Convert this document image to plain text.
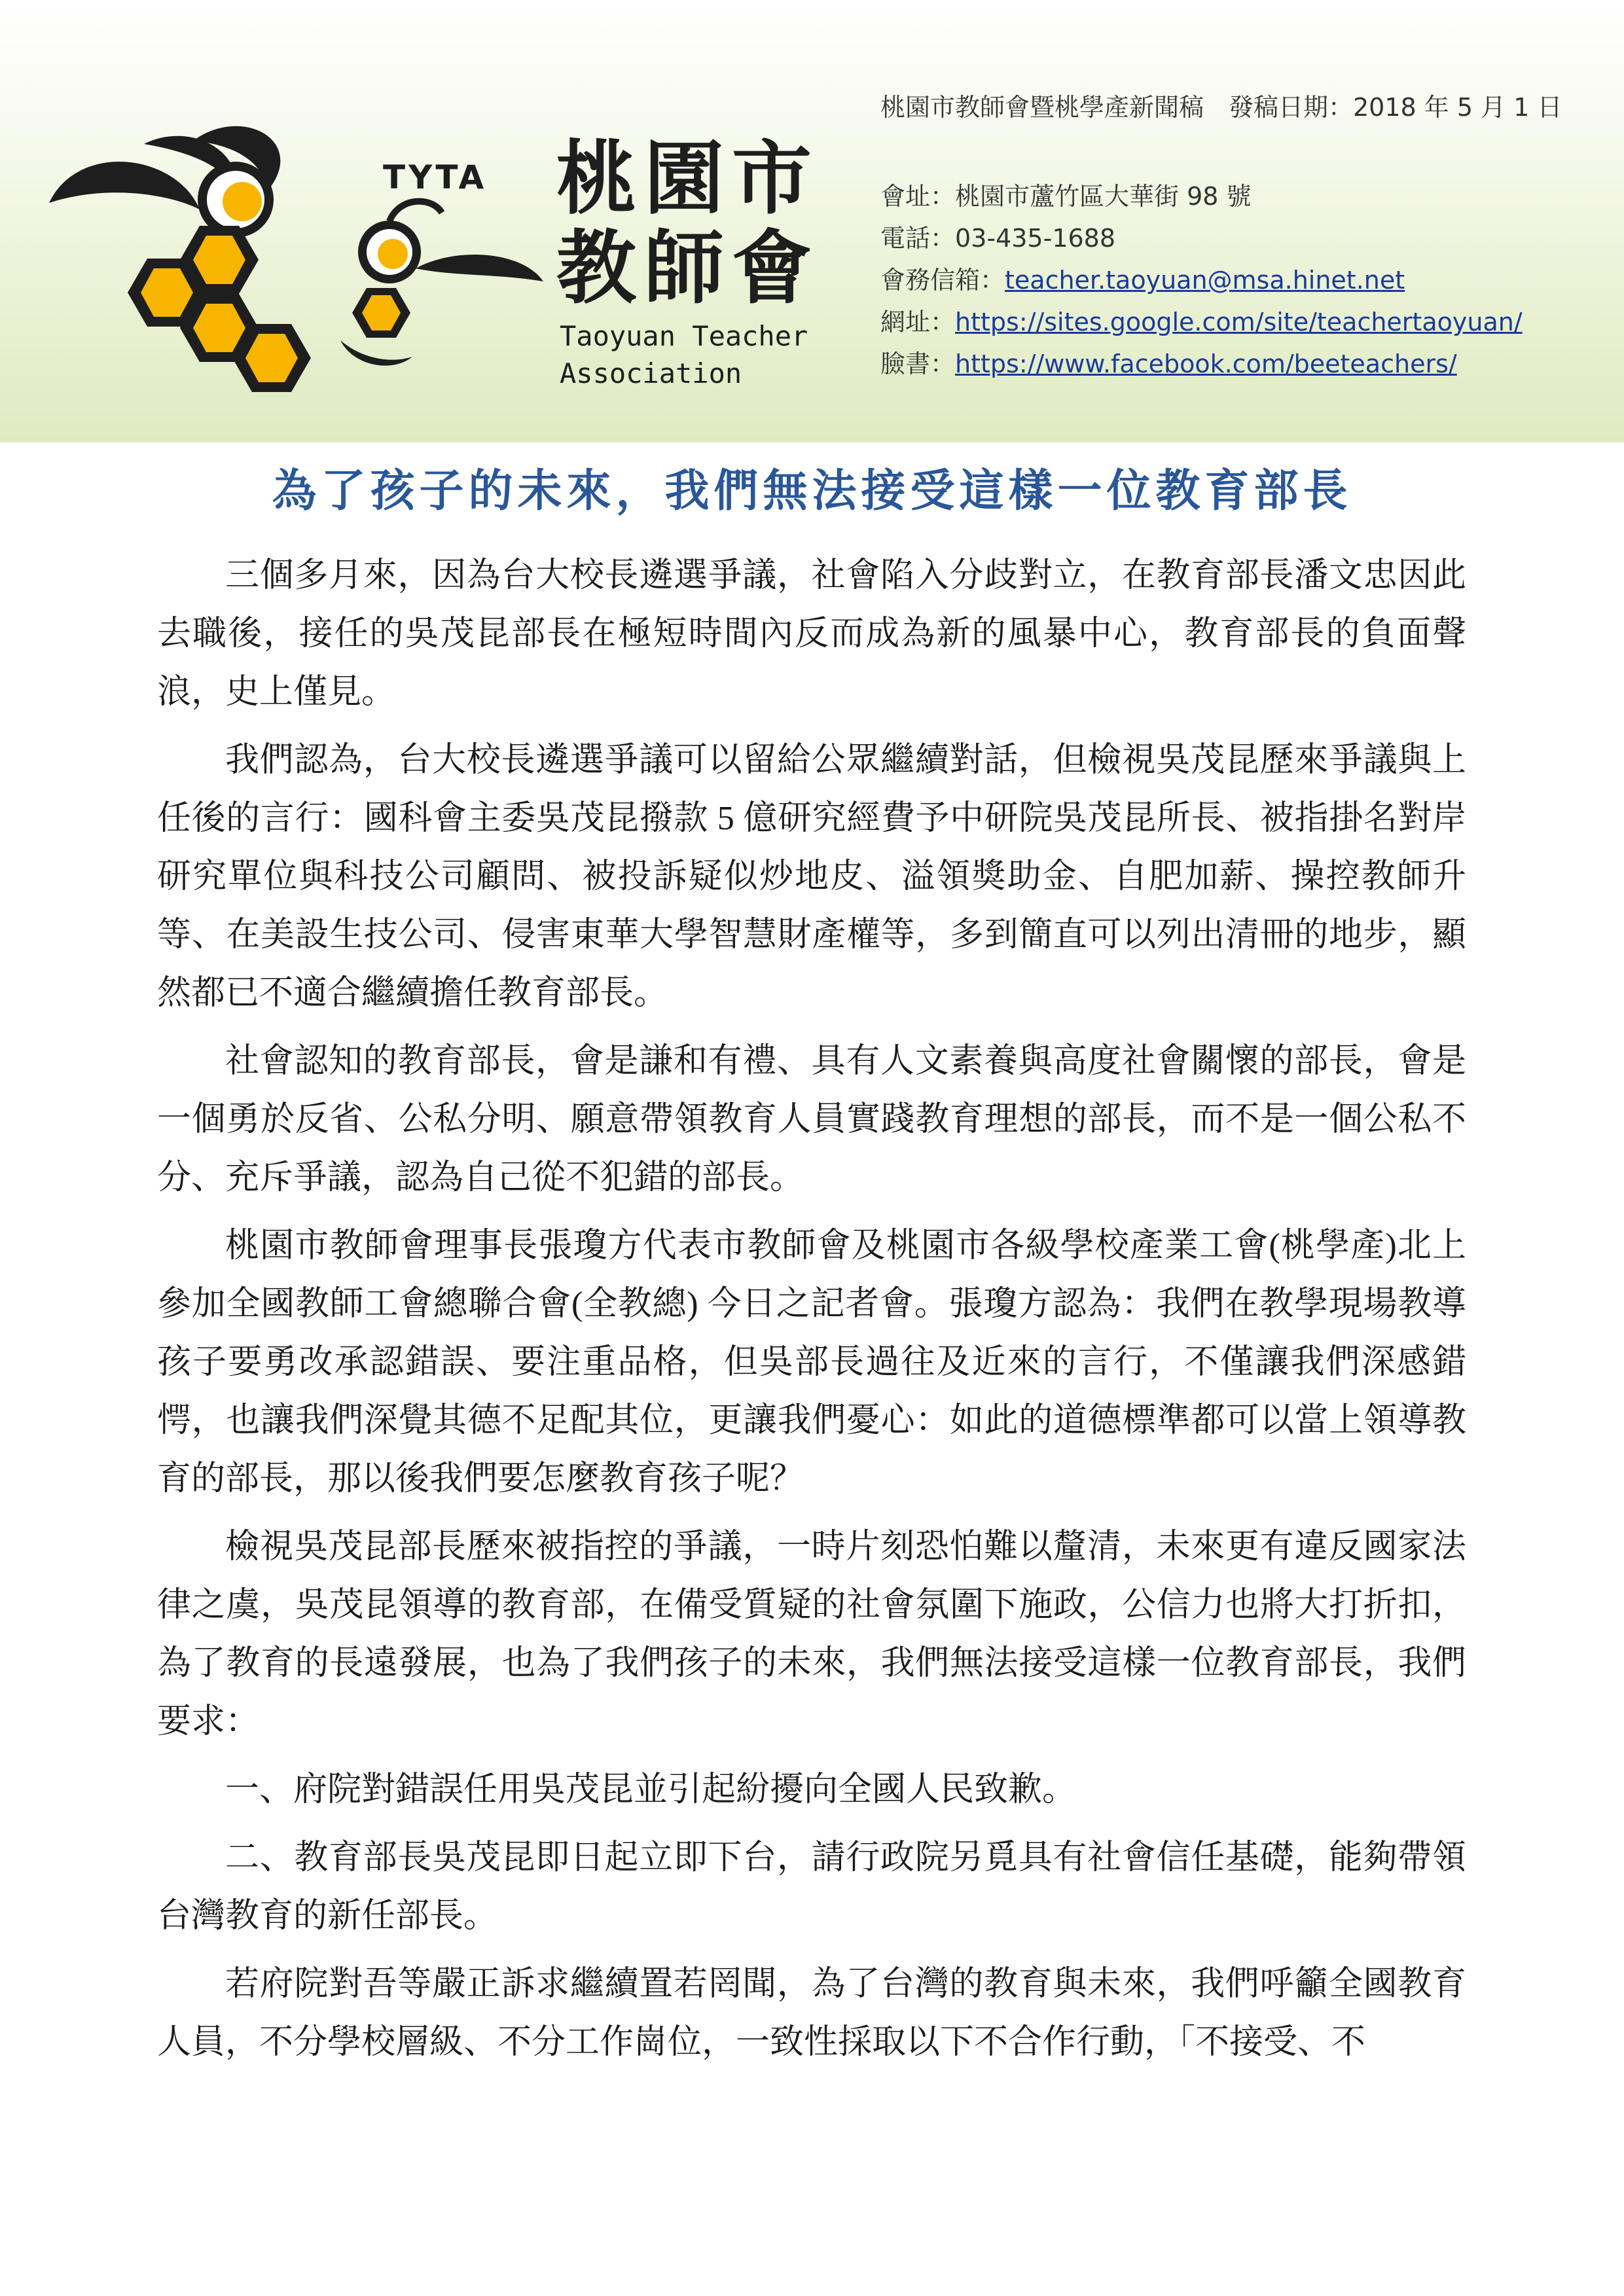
TYTA 桃園市
教師會
Taoyuan Teacher
Association
桃園市教師會暨桃學產新聞稿　發稿日期：2018 年 5 月 1 日
會址： 桃園市蘆竹區大華街 98 號
電話： 03-435-1688
會務信箱： teacher.taoyuan@msa.hinet.net
網址： https://sites.google.com/site/teachertaoyuan/
臉書： https://www.facebook.com/beeteachers/
為了孩子的未來，我們無法接受這樣一位教育部長

三個多月來，因為台大校長遴選爭議，社會陷入分歧對立，在教育部長潘文忠因此去職後，接任的吳茂昆部長在極短時間內反而成為新的風暴中心，教育部長的負面聲浪，史上僅見。

我們認為，台大校長遴選爭議可以留給公眾繼續對話，但檢視吳茂昆歷來爭議與上任後的言行：國科會主委吳茂昆撥款 5 億研究經費予中研院吳茂昆所長、被指掛名對岸研究單位與科技公司顧問、被投訴疑似炒地皮、溢領獎助金、自肥加薪、操控教師升等、在美設生技公司、侵害東華大學智慧財產權等，多到簡直可以列出清冊的地步，顯然都已不適合繼續擔任教育部長。

社會認知的教育部長，會是謙和有禮、具有人文素養與高度社會關懷的部長，會是一個勇於反省、公私分明、願意帶領教育人員實踐教育理想的部長，而不是一個公私不分、充斥爭議，認為自己從不犯錯的部長。

桃園市教師會理事長張瓊方代表市教師會及桃園市各級學校產業工會(桃學產)北上參加全國教師工會總聯合會(全教總) 今日之記者會。張瓊方認為：我們在教學現場教導孩子要勇改承認錯誤、要注重品格，但吳部長過往及近來的言行，不僅讓我們深感錯愕，也讓我們深覺其德不足配其位，更讓我們憂心：如此的道德標準都可以當上領導教育的部長，那以後我們要怎麼教育孩子呢？

檢視吳茂昆部長歷來被指控的爭議，一時片刻恐怕難以釐清，未來更有違反國家法律之虞，吳茂昆領導的教育部，在備受質疑的社會氛圍下施政，公信力也將大打折扣，為了教育的長遠發展，也為了我們孩子的未來，我們無法接受這樣一位教育部長，我們要求：

一、府院對錯誤任用吳茂昆並引起紛擾向全國人民致歉。

二、教育部長吳茂昆即日起立即下台，請行政院另覓具有社會信任基礎，能夠帶領台灣教育的新任部長。

若府院對吾等嚴正訴求繼續置若罔聞，為了台灣的教育與未來，我們呼籲全國教育人員，不分學校層級、不分工作崗位，一致性採取以下不合作行動，「不接受、不
